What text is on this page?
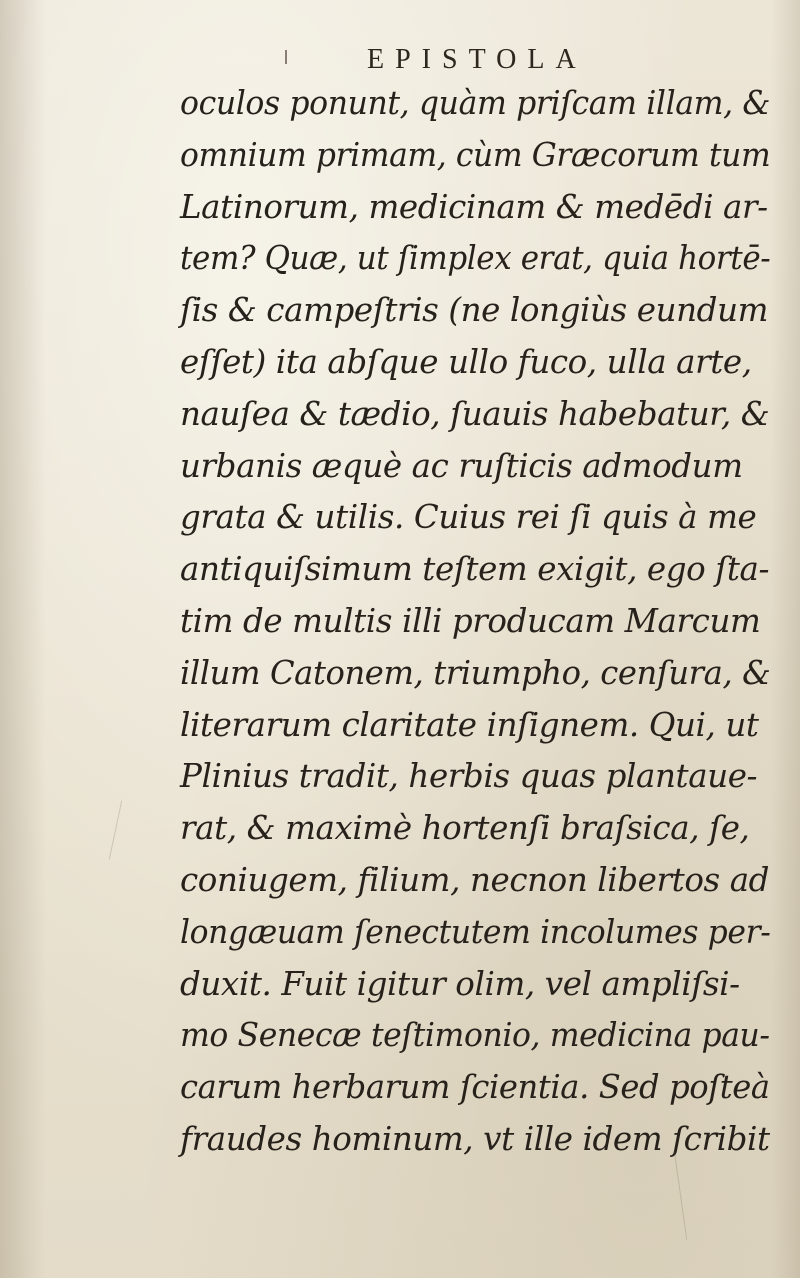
EPISTOLA
oculos ponunt, quàm priſcam illam, &
omnium primam, cùm Græcorum tum
Latinorum, medicinam & medēdi ar-
tem? Quæ, ut ſimplex erat, quia hortē-
ſis & campeſtris (ne longiùs eundum
eſſet) ita abſque ullo fuco, ulla arte,
nauſea & tædio, ſuauis habebatur, &
urbanis æquè ac ruſticis admodum
grata & utilis. Cuius rei ſi quis à me
antiquiſsimum teſtem exigit, ego ſta-
tim de multis illi producam Marcum
illum Catonem, triumpho, cenſura, &
literarum claritate inſignem. Qui, ut
Plinius tradit, herbis quas plantaue-
rat, & maximè hortenſi braſsica, ſe,
coniugem, filium, necnon libertos ad
longæuam ſenectutem incolumes per-
duxit. Fuit igitur olim, vel ampliſsi-
mo Senecæ teſtimonio, medicina pau-
carum herbarum ſcientia. Sed poſteà
fraudes hominum, vt ille idem ſcribit
